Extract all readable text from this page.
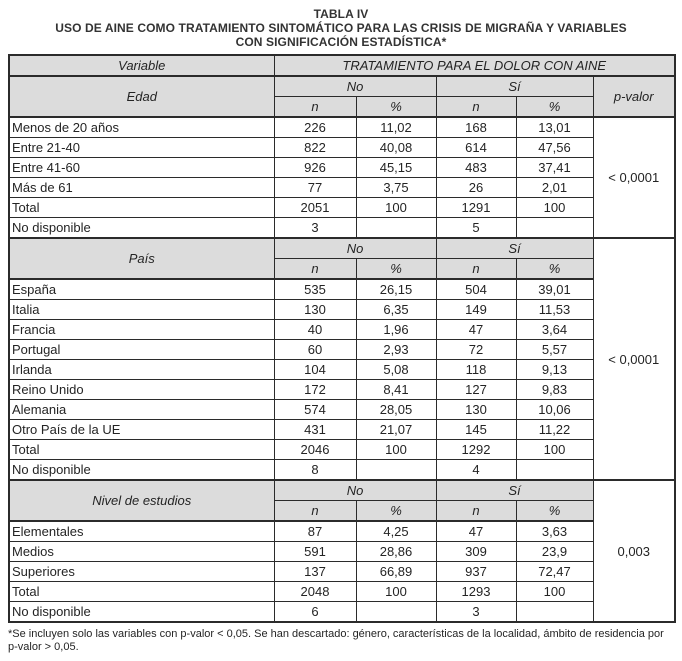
TABLA IV
USO DE AINE COMO TRATAMIENTO SINTOMÁTICO PARA LAS CRISIS DE MIGRAÑA Y VARIABLES
CON SIGNIFICACIÓN ESTADÍSTICA*
Variable	TRATAMIENTO PARA EL DOLOR CON AINE				
Edad	No		Sí		p-valor
	n	%	n	%	
Menos de 20 años	226	11,02	168	13,01	< 0,0001
Entre 21-40	822	40,08	614	47,56	
Entre 41-60	926	45,15	483	37,41	
Más de 61	77	3,75	26	2,01	
Total	2051	100	1291	100	
No disponible	3		5		
País	No		Sí		< 0,0001
	n	%	n	%	
España	535	26,15	504	39,01	
Italia	130	6,35	149	11,53	
Francia	40	1,96	47	3,64	
Portugal	60	2,93	72	5,57	
Irlanda	104	5,08	118	9,13	
Reino Unido	172	8,41	127	9,83	
Alemania	574	28,05	130	10,06	
Otro País de la UE	431	21,07	145	11,22	
Total	2046	100	1292	100	
No disponible	8		4		
Nivel de estudios	No		Sí		0,003
	n	%	n	%	
Elementales	87	4,25	47	3,63	
Medios	591	28,86	309	23,9	
Superiores	137	66,89	937	72,47	
Total	2048	100	1293	100	
No disponible	6		3		
*Se incluyen solo las variables con p-valor < 0,05. Se han descartado: género, características de la localidad, ámbito de residencia por p-valor > 0,05.
